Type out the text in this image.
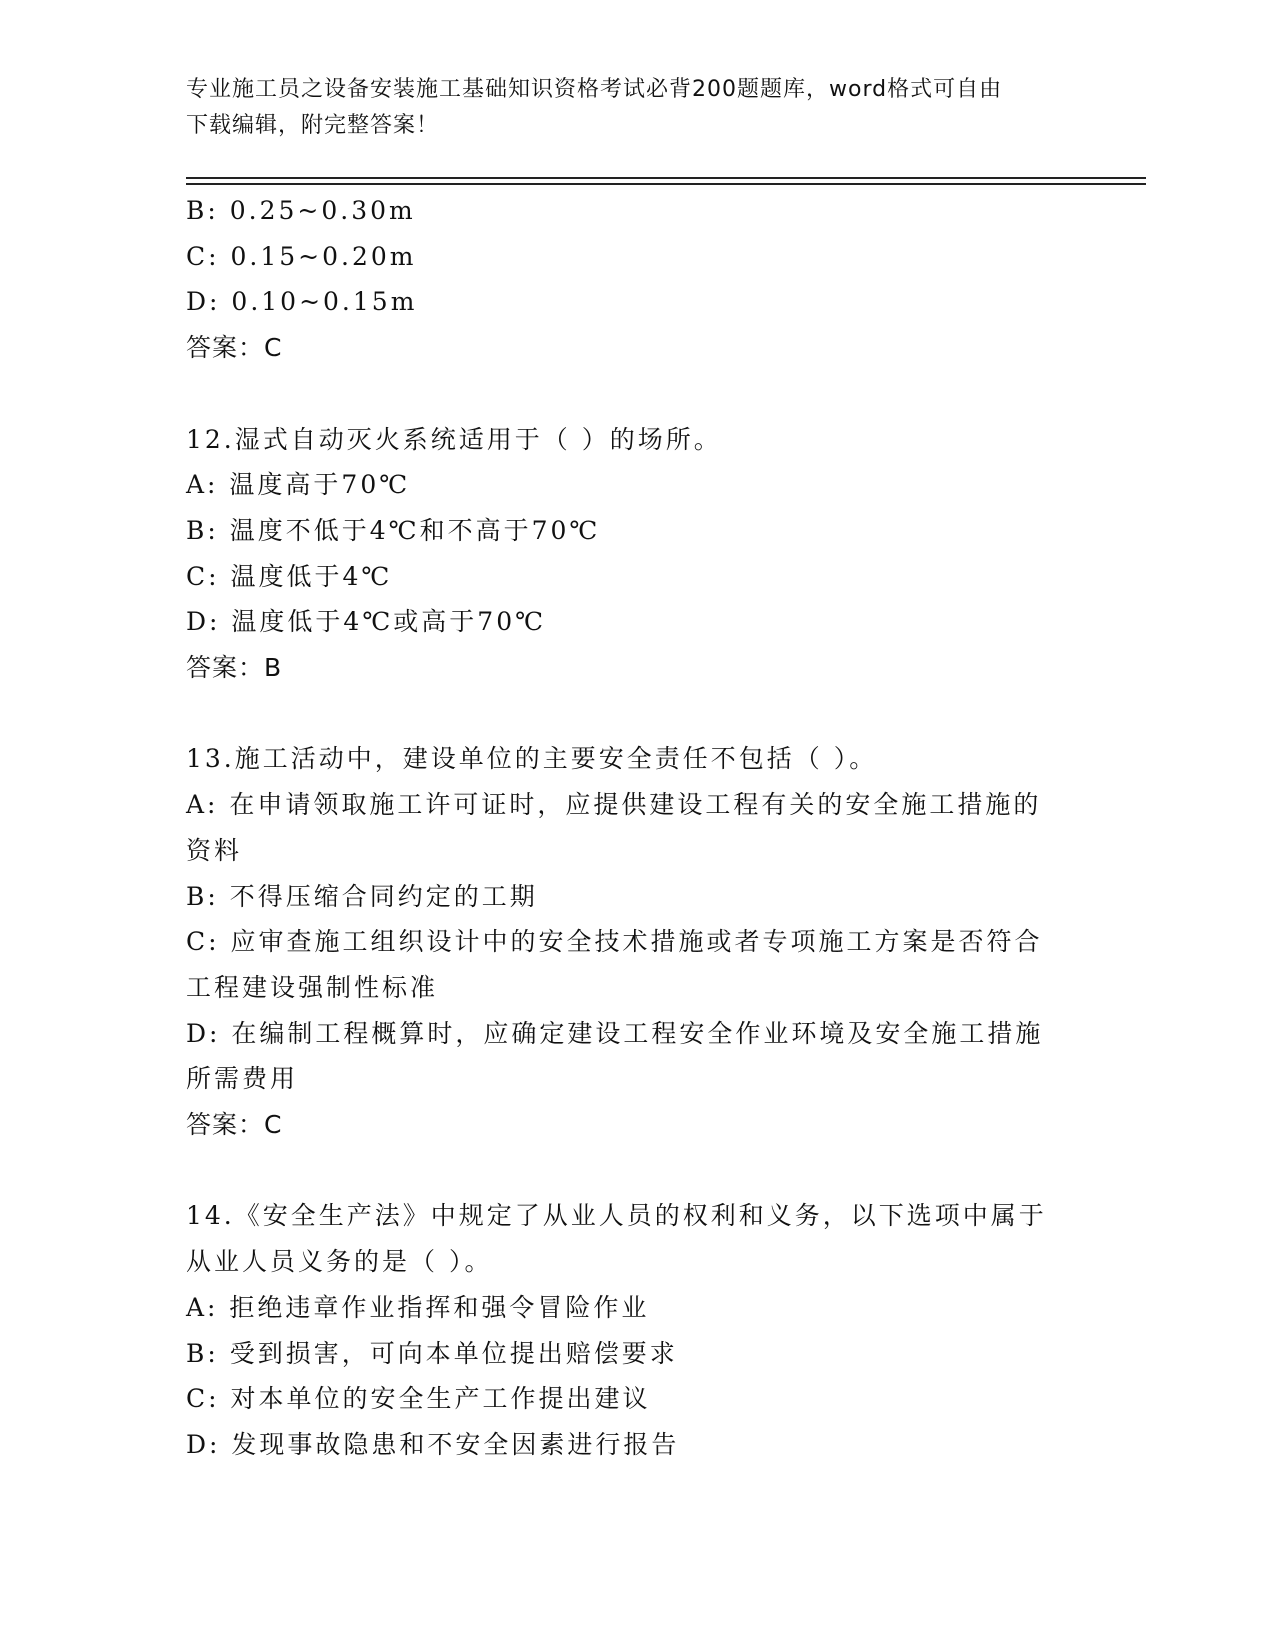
专业施工员之设备安装施工基础知识资格考试必背200题题库，word格式可自由
下载编辑，附完整答案！
B: 0.25~0.30m
C: 0.15~0.20m
D: 0.10~0.15m
答案：C
12.湿式自动灭火系统适用于（ ）的场所。
A: 温度高于70℃
B: 温度不低于4℃和不高于70℃
C: 温度低于4℃
D: 温度低于4℃或高于70℃
答案：B
13.施工活动中，建设单位的主要安全责任不包括（ ）。
A: 在申请领取施工许可证时，应提供建设工程有关的安全施工措施的
资料
B: 不得压缩合同约定的工期
C: 应审查施工组织设计中的安全技术措施或者专项施工方案是否符合
工程建设强制性标准
D: 在编制工程概算时，应确定建设工程安全作业环境及安全施工措施
所需费用
答案：C
14.《安全生产法》中规定了从业人员的权利和义务，以下选项中属于
从业人员义务的是（ ）。
A: 拒绝违章作业指挥和强令冒险作业
B: 受到损害，可向本单位提出赔偿要求
C: 对本单位的安全生产工作提出建议
D: 发现事故隐患和不安全因素进行报告
